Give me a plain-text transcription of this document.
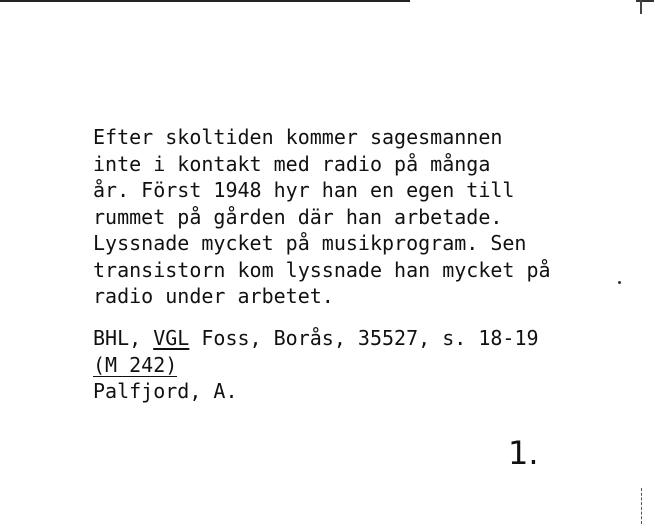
Efter skoltiden kommer sagesmannen
inte i kontakt med radio på många
år. Först 1948 hyr han en egen till
rummet på gården där han arbetade.
Lyssnade mycket på musikprogram. Sen
transistorn kom lyssnade han mycket på
radio under arbetet.
BHL, VGL Foss, Borås, 35527, s. 18-19
(M 242)
Palfjord, A.
1.
